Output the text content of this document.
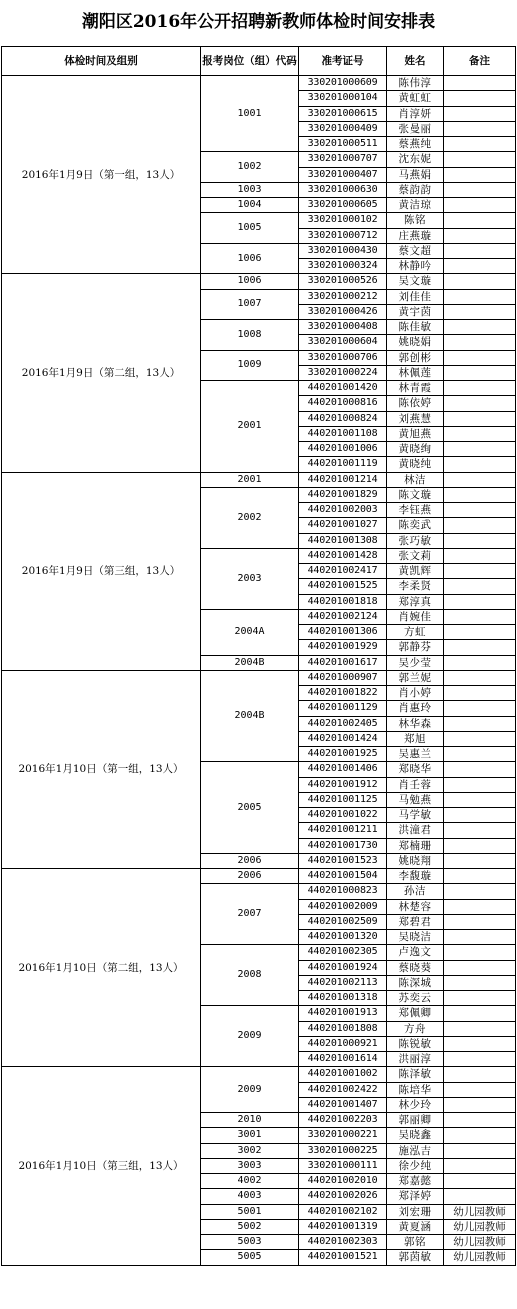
潮阳区2016年公开招聘新教师体检时间安排表
体检时间及组别	报考岗位（组）代码	准考证号	姓名	备注
2016年1月9日（第一组，13人）	1001	330201000609	陈伟淳	
		330201000104	黄虹虹	
		330201000615	肖淳妍	
		330201000409	张曼丽	
		330201000511	蔡燕纯	
	1002	330201000707	沈东妮	
		330201000407	马燕娟	
	1003	330201000630	蔡韵韵	
	1004	330201000605	黄洁琼	
	1005	330201000102	陈铭	
		330201000712	庄燕璇	
	1006	330201000430	蔡文超	
		330201000324	林静吟	
2016年1月9日（第二组，13人）	1006	330201000526	吴文璇	
	1007	330201000212	刘佳佳	
		330201000426	黄宇茵	
	1008	330201000408	陈佳敏	
		330201000604	姚晓娟	
	1009	330201000706	郭创彬	
		330201000224	林佩莲	
	2001	440201001420	林青霞	
		440201000816	陈依婷	
		440201000824	刘燕慧	
		440201001108	黄旭燕	
		440201001006	黄晓绚	
		440201001119	黄晓纯	
2016年1月9日（第三组，13人）	2001	440201001214	林洁	
	2002	440201001829	陈文璇	
		440201002003	李钰燕	
		440201001027	陈奕武	
		440201001308	张巧敏	
	2003	440201001428	张文莉	
		440201002417	黄凯辉	
		440201001525	李柔贤	
		440201001818	郑淳真	
	2004A	440201002124	肖婉佳	
		440201001306	方虹	
		440201001929	郭静芬	
	2004B	440201001617	吴少莹	
2016年1月10日（第一组，13人）	2004B	440201000907	郭兰妮	
		440201001822	肖小婷	
		440201001129	肖惠玲	
		440201002405	林华森	
		440201001424	郑旭	
		440201001925	吴惠兰	
	2005	440201001406	郑晓华	
		440201001912	肖壬蓉	
		440201001125	马勉燕	
		440201001022	马学敏	
		440201001211	洪潼君	
		440201001730	郑楠珊	
	2006	440201001523	姚晓翔	
2016年1月10日（第二组，13人）	2006	440201001504	李馥璇	
	2007	440201000823	孙洁	
		440201002009	林楚容	
		440201002509	郑碧君	
		440201001320	吴晓洁	
	2008	440201002305	卢逸文	
		440201001924	蔡晓葵	
		440201002113	陈深城	
		440201001318	苏奕云	
	2009	440201001913	郑佩卿	
		440201001808	方舟	
		440201000921	陈锐敏	
		440201001614	洪丽淳	
2016年1月10日（第三组，13人）	2009	440201001002	陈泽敏	
		440201002422	陈培华	
		440201001407	林少玲	
	2010	440201002203	郭丽卿	
	3001	330201000221	吴晓鑫	
	3002	330201000225	施泓吉	
	3003	330201000111	徐少纯	
	4002	440201002010	郑嘉懿	
	4003	440201002026	郑泽婷	
	5001	440201002102	刘宏珊	幼儿园教师
	5002	440201001319	黄夏涵	幼儿园教师
	5003	440201002303	郭铭	幼儿园教师
	5005	440201001521	郭茵敏	幼儿园教师
